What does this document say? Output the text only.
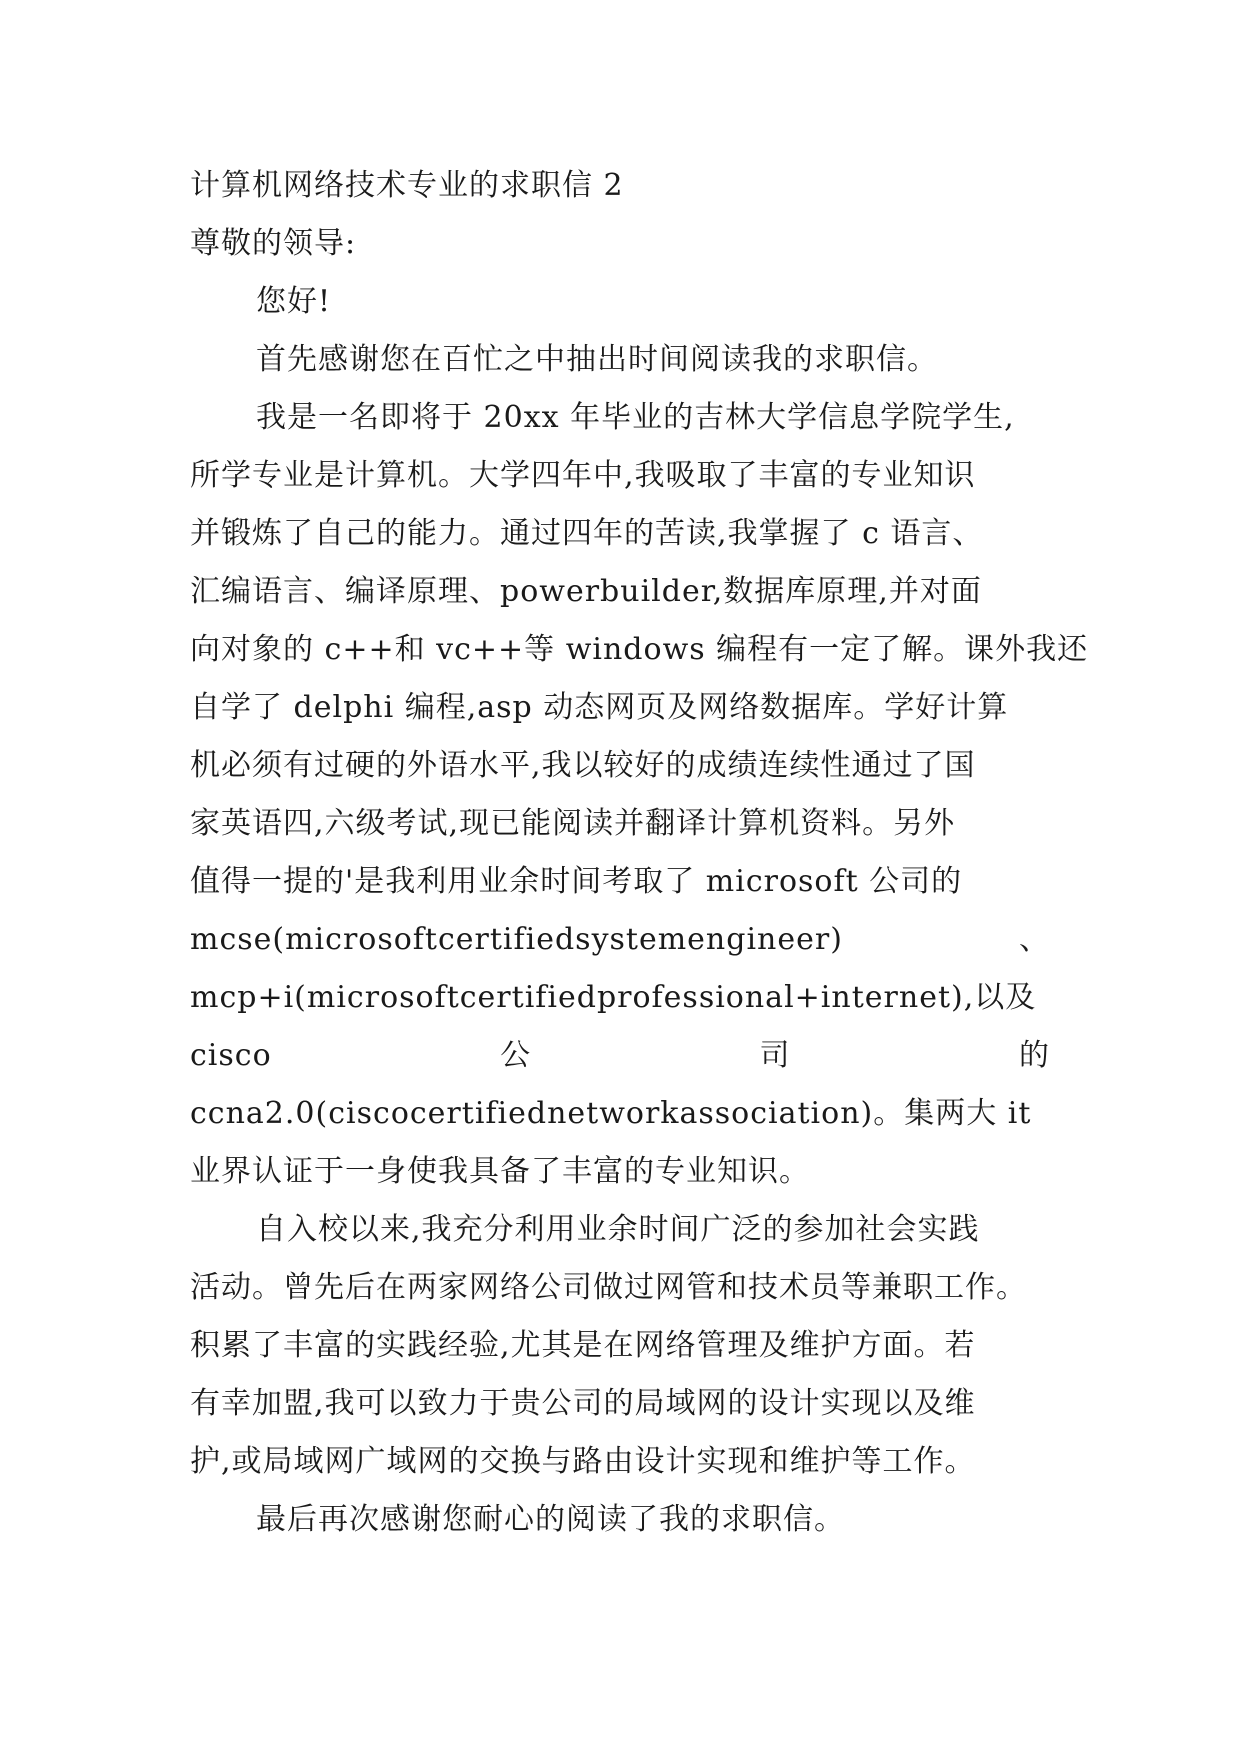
计算机网络技术专业的求职信 2
尊敬的领导:
您好!
首先感谢您在百忙之中抽出时间阅读我的求职信。
我是一名即将于 20xx 年毕业的吉林大学信息学院学生,
所学专业是计算机。大学四年中,我吸取了丰富的专业知识
并锻炼了自己的能力。通过四年的苦读,我掌握了 c 语言、
汇编语言、编译原理、powerbuilder,数据库原理,并对面
向对象的 c++和 vc++等 windows 编程有一定了解。课外我还
自学了 delphi 编程,asp 动态网页及网络数据库。学好计算
机必须有过硬的外语水平,我以较好的成绩连续性通过了国
家英语四,六级考试,现已能阅读并翻译计算机资料。另外
值得一提的'是我利用业余时间考取了 microsoft 公司的
mcse(microsoftcertifiedsystemengineer)	、
mcp+i(microsoftcertifiedprofessional+internet),以及
cisco	公	司	的
ccna2.0(ciscocertifiednetworkassociation)。集两大 it
业界认证于一身使我具备了丰富的专业知识。
自入校以来,我充分利用业余时间广泛的参加社会实践
活动。曾先后在两家网络公司做过网管和技术员等兼职工作。
积累了丰富的实践经验,尤其是在网络管理及维护方面。若
有幸加盟,我可以致力于贵公司的局域网的设计实现以及维
护,或局域网广域网的交换与路由设计实现和维护等工作。
最后再次感谢您耐心的阅读了我的求职信。
